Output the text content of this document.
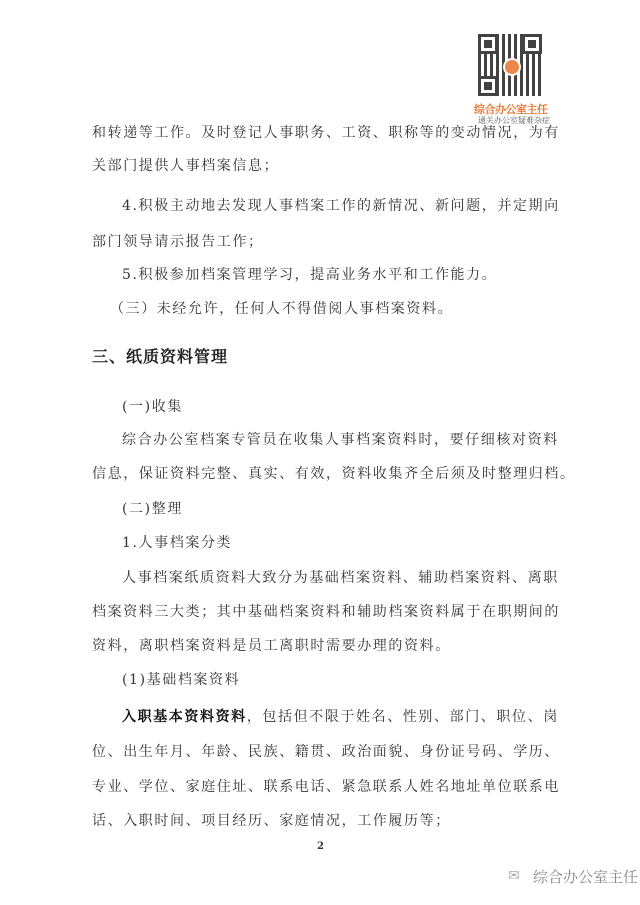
综合办公室主任
通关办公室疑难杂症
和转递等工作。及时登记人事职务、工资、职称等的变动情况，为有
关部门提供人事档案信息；
4.积极主动地去发现人事档案工作的新情况、新问题，并定期向
部门领导请示报告工作；
5.积极参加档案管理学习，提高业务水平和工作能力。
（三）未经允许，任何人不得借阅人事档案资料。
三、纸质资料管理
(一)收集
综合办公室档案专管员在收集人事档案资料时，要仔细核对资料
信息，保证资料完整、真实、有效，资料收集齐全后须及时整理归档。
(二)整理
1.人事档案分类
人事档案纸质资料大致分为基础档案资料、辅助档案资料、离职
档案资料三大类；其中基础档案资料和辅助档案资料属于在职期间的
资料，离职档案资料是员工离职时需要办理的资料。
(1)基础档案资料
入职基本资料资料，包括但不限于姓名、性别、部门、职位、岗
位、出生年月、年龄、民族、籍贯、政治面貌、身份证号码、学历、
专业、学位、家庭住址、联系电话、紧急联系人姓名地址单位联系电
话、入职时间、项目经历、家庭情况，工作履历等；
2
✉ 综合办公室主任
